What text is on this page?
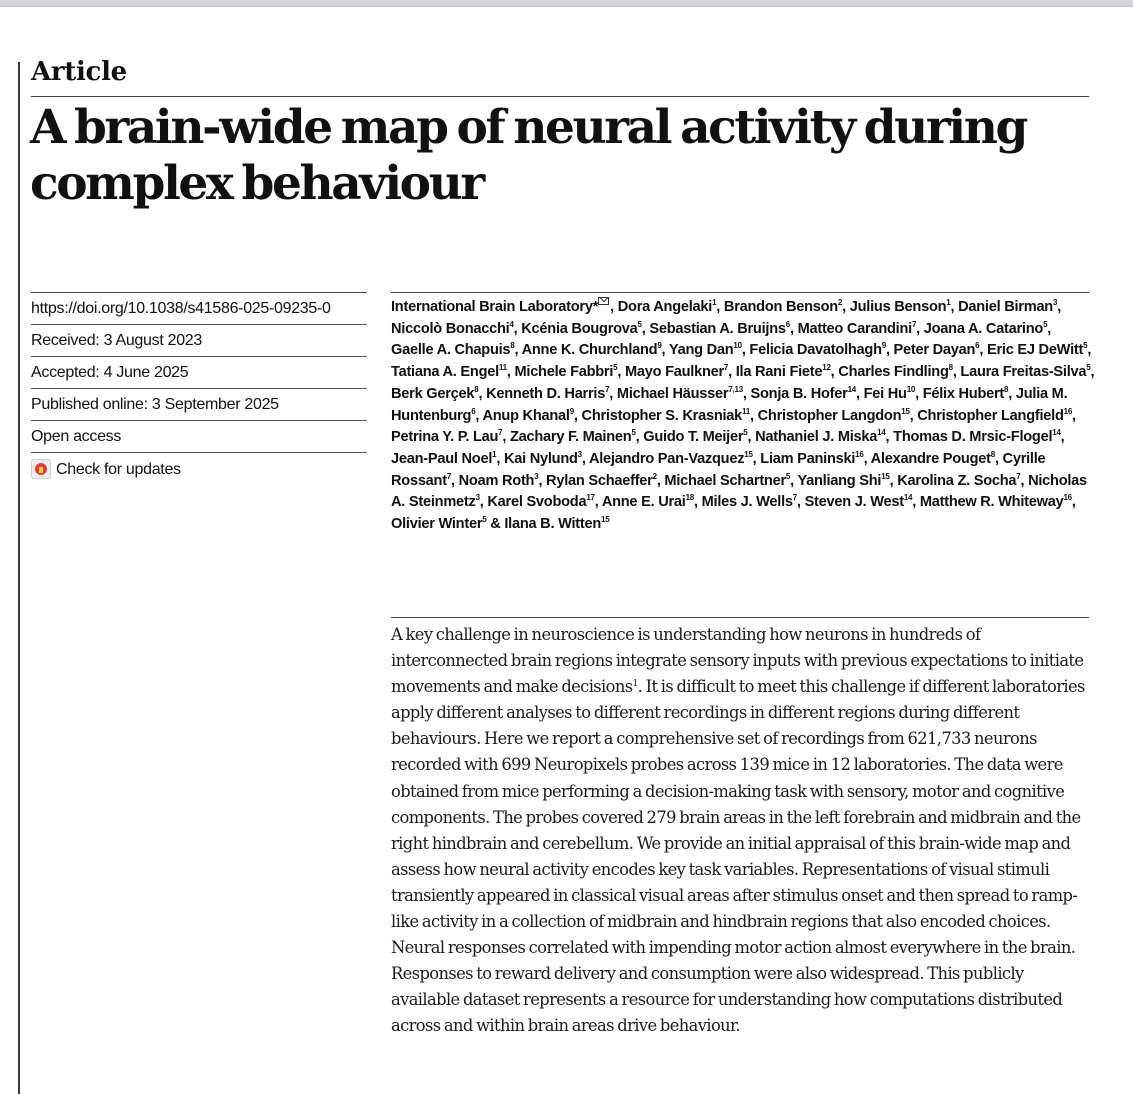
Article
A brain-wide map of neural activity during complex behaviour
https://doi.org/10.1038/s41586-025-09235-0
Received: 3 August 2023
Accepted: 4 June 2025
Published online: 3 September 2025
Open access
Check for updates

International Brain Laboratory* , Dora Angelaki$^1$, Brandon Benson$^2$, Julius Benson$^1$, Daniel Birman$^3$, Niccolò Bonacchi$^4$, Kcénia Bougrova$^5$, Sebastian A. Bruijns$^6$, Matteo Carandini$^7$, Joana A. Catarino$^5$, Gaelle A. Chapuis$^8$, Anne K. Churchland$^9$, Yang Dan$^{10}$, Felicia Davatolhagh$^9$, Peter Dayan$^6$, Eric EJ DeWitt$^5$, Tatiana A. Engel$^{11}$, Michele Fabbri$^5$, Mayo Faulkner$^7$, Ila Rani Fiete$^{12}$, Charles Findling$^8$, Laura Freitas-Silva$^5$, Berk Gerçek$^8$, Kenneth D. Harris$^7$, Michael Häusser$^{7,13}$, Sonja B. Hofer$^{14}$, Fei Hu$^{10}$, Félix Hubert$^8$, Julia M. Huntenburg$^6$, Anup Khanal$^9$, Christopher S. Krasniak$^{11}$, Christopher Langdon$^{15}$, Christopher Langfield$^{16}$, Petrina Y. P. Lau$^7$, Zachary F. Mainen$^5$, Guido T. Meijer$^5$, Nathaniel J. Miska$^{14}$, Thomas D. Mrsic-Flogel$^{14}$, Jean-Paul Noel$^1$, Kai Nylund$^3$, Alejandro Pan-Vazquez$^{15}$, Liam Paninski$^{16}$, Alexandre Pouget$^8$, Cyrille Rossant$^7$, Noam Roth$^3$, Rylan Schaeffer$^2$, Michael Schartner$^5$, Yanliang Shi$^{15}$, Karolina Z. Socha$^7$, Nicholas A. Steinmetz$^3$, Karel Svoboda$^{17}$, Anne E. Urai$^{18}$, Miles J. Wells$^7$, Steven J. West$^{14}$, Matthew R. Whiteway$^{16}$, Olivier Winter$^5$ & Ilana B. Witten$^{15}$

A key challenge in neuroscience is understanding how neurons in hundreds of interconnected brain regions integrate sensory inputs with previous expectations to initiate movements and make decisions$^1$. It is difficult to meet this challenge if different laboratories apply different analyses to different recordings in different regions during different behaviours. Here we report a comprehensive set of recordings from 621,733 neurons recorded with 699 Neuropixels probes across 139 mice in 12 laboratories. The data were obtained from mice performing a decision-making task with sensory, motor and cognitive components. The probes covered 279 brain areas in the left forebrain and midbrain and the right hindbrain and cerebellum. We provide an initial appraisal of this brain-wide map and assess how neural activity encodes key task variables. Representations of visual stimuli transiently appeared in classical visual areas after stimulus onset and then spread to ramp-like activity in a collection of midbrain and hindbrain regions that also encoded choices. Neural responses correlated with impending motor action almost everywhere in the brain. Responses to reward delivery and consumption were also widespread. This publicly available dataset represents a resource for understanding how computations distributed across and within brain areas drive behaviour.
